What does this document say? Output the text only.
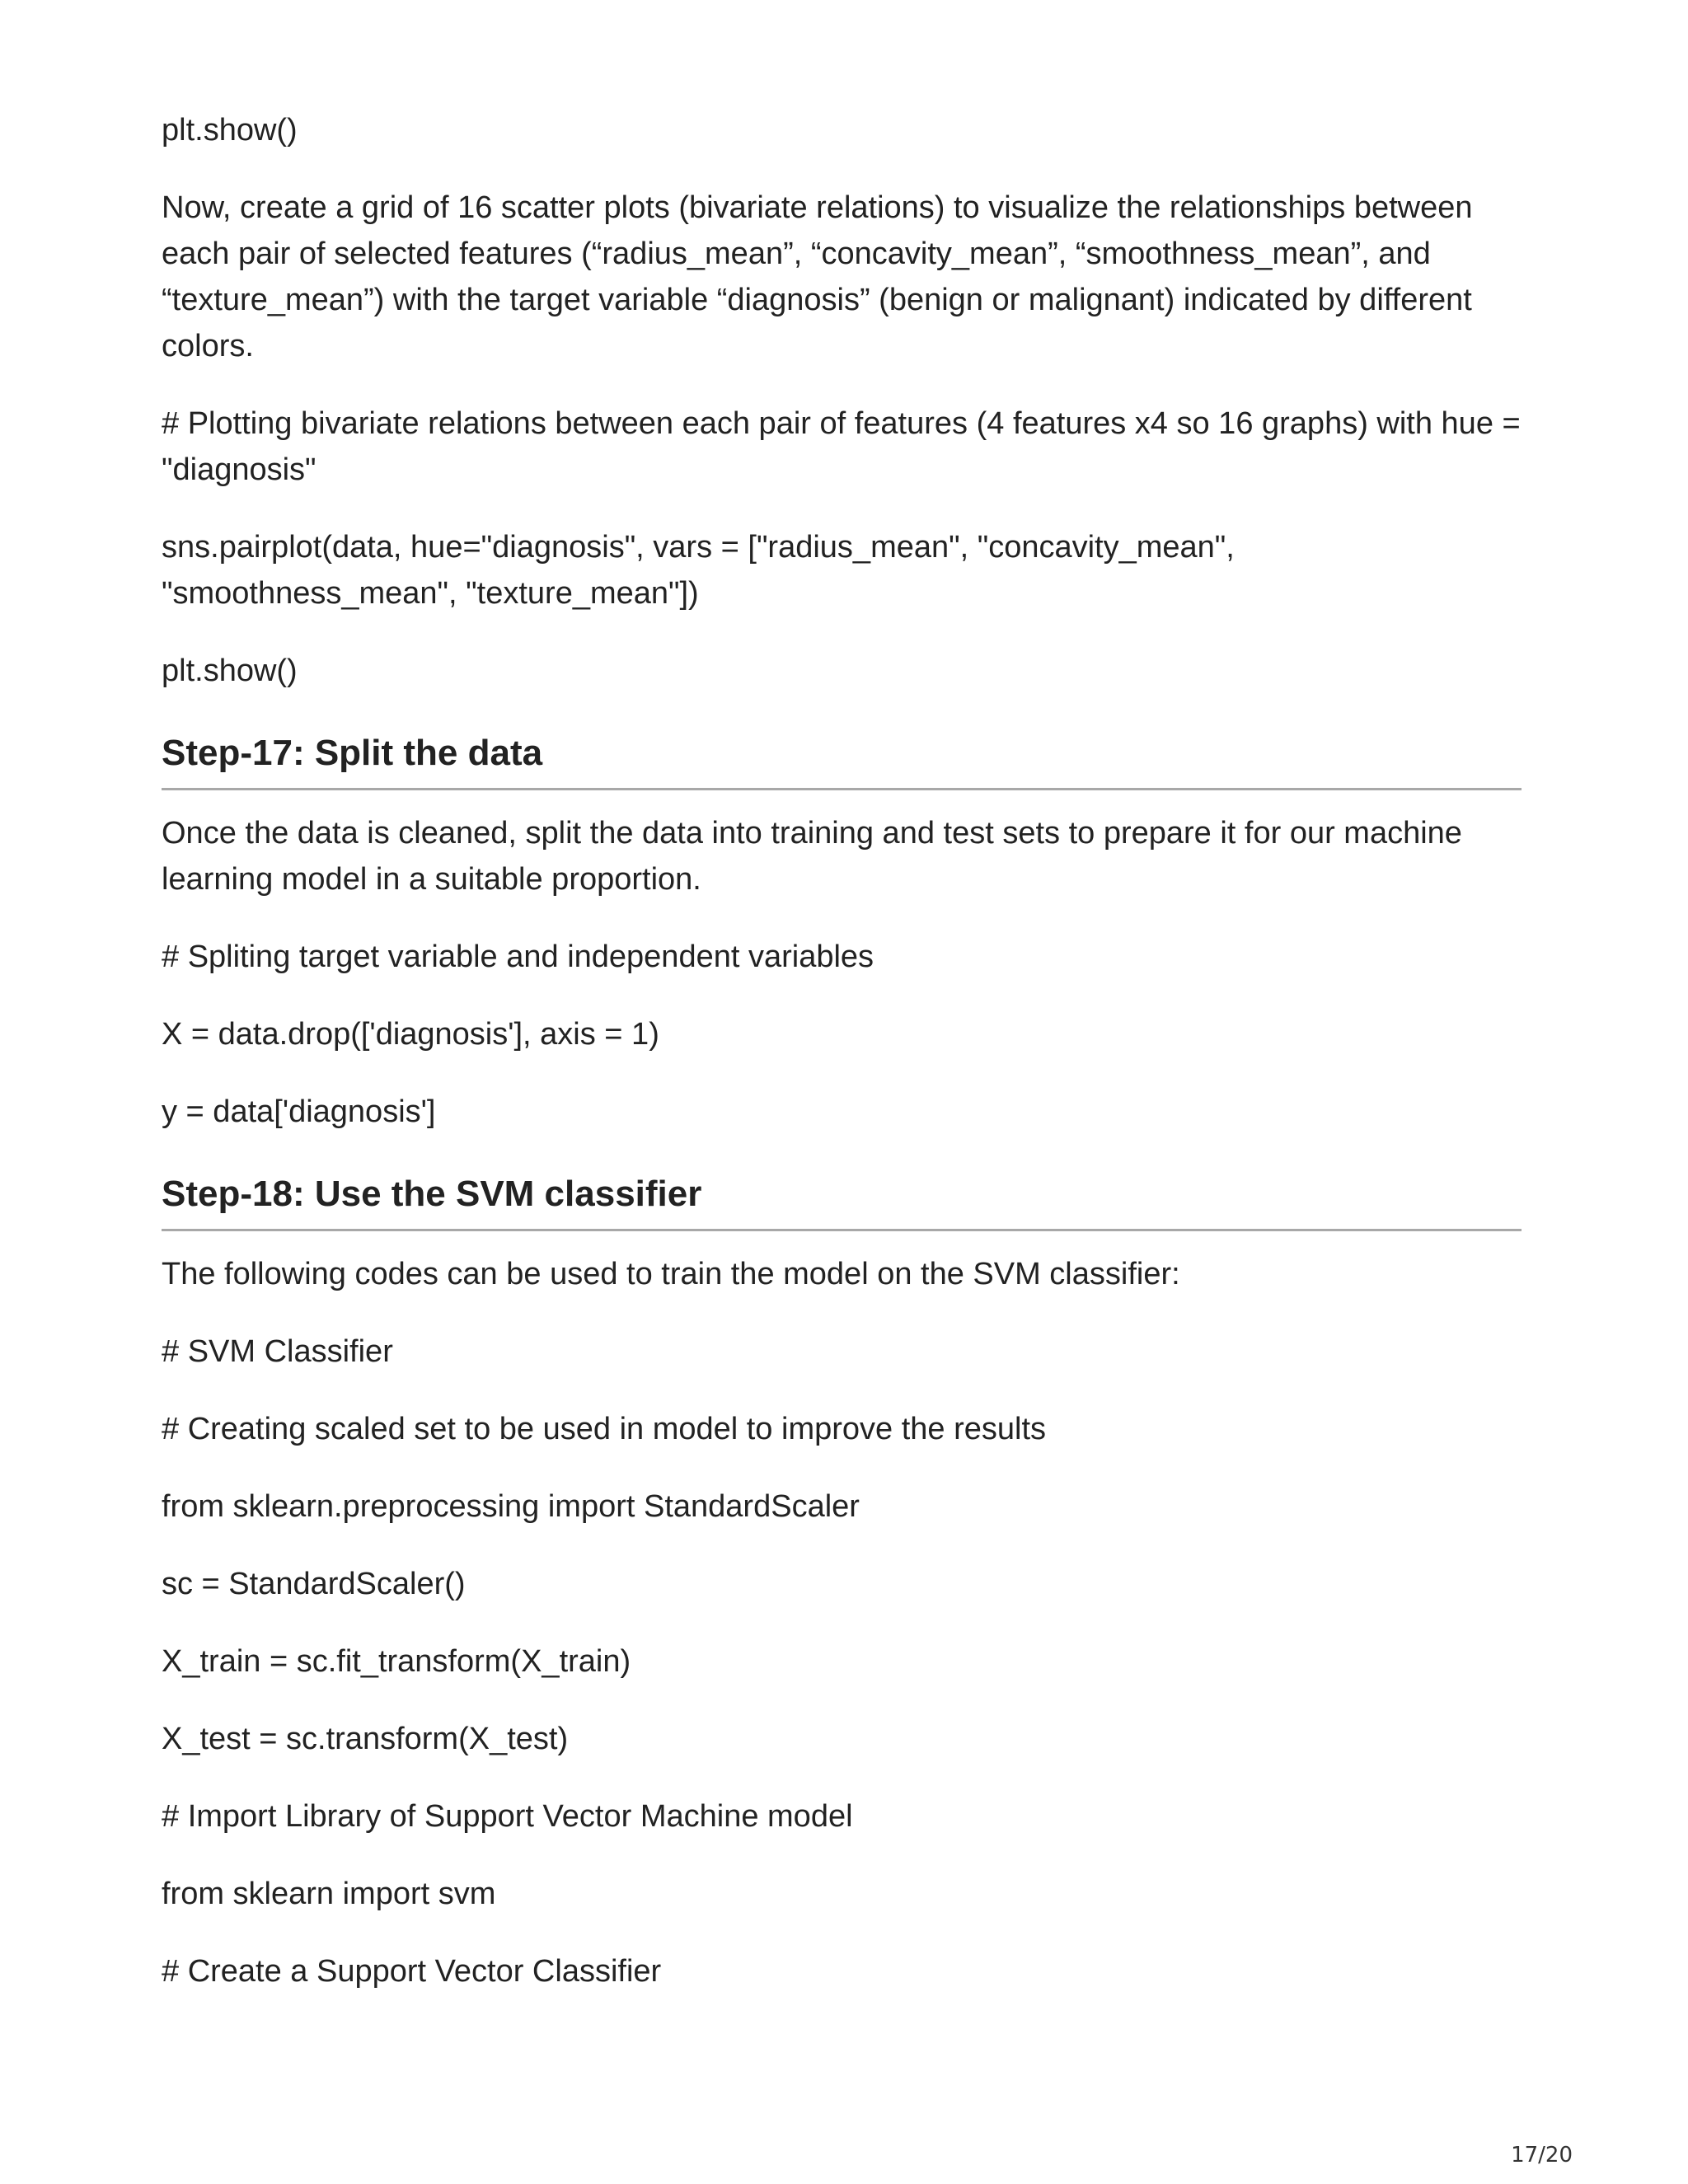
plt.show()

Now, create a grid of 16 scatter plots (bivariate relations) to visualize the relationships between each pair of selected features (“radius_mean”, “concavity_mean”, “smoothness_mean”, and “texture_mean”) with the target variable “diagnosis” (benign or malignant) indicated by different colors.

# Plotting bivariate relations between each pair of features (4 features x4 so 16 graphs) with hue = "diagnosis"

sns.pairplot(data, hue="diagnosis", vars = ["radius_mean", "concavity_mean", "smoothness_mean", "texture_mean"])

plt.show()

Step-17: Split the data

Once the data is cleaned, split the data into training and test sets to prepare it for our machine learning model in a suitable proportion.

# Spliting target variable and independent variables

X = data.drop(['diagnosis'], axis = 1)

y = data['diagnosis']

Step-18: Use the SVM classifier

The following codes can be used to train the model on the SVM classifier:

# SVM Classifier

# Creating scaled set to be used in model to improve the results

from sklearn.preprocessing import StandardScaler

sc = StandardScaler()

X_train = sc.fit_transform(X_train)

X_test = sc.transform(X_test)

# Import Library of Support Vector Machine model

from sklearn import svm

# Create a Support Vector Classifier

17/20
